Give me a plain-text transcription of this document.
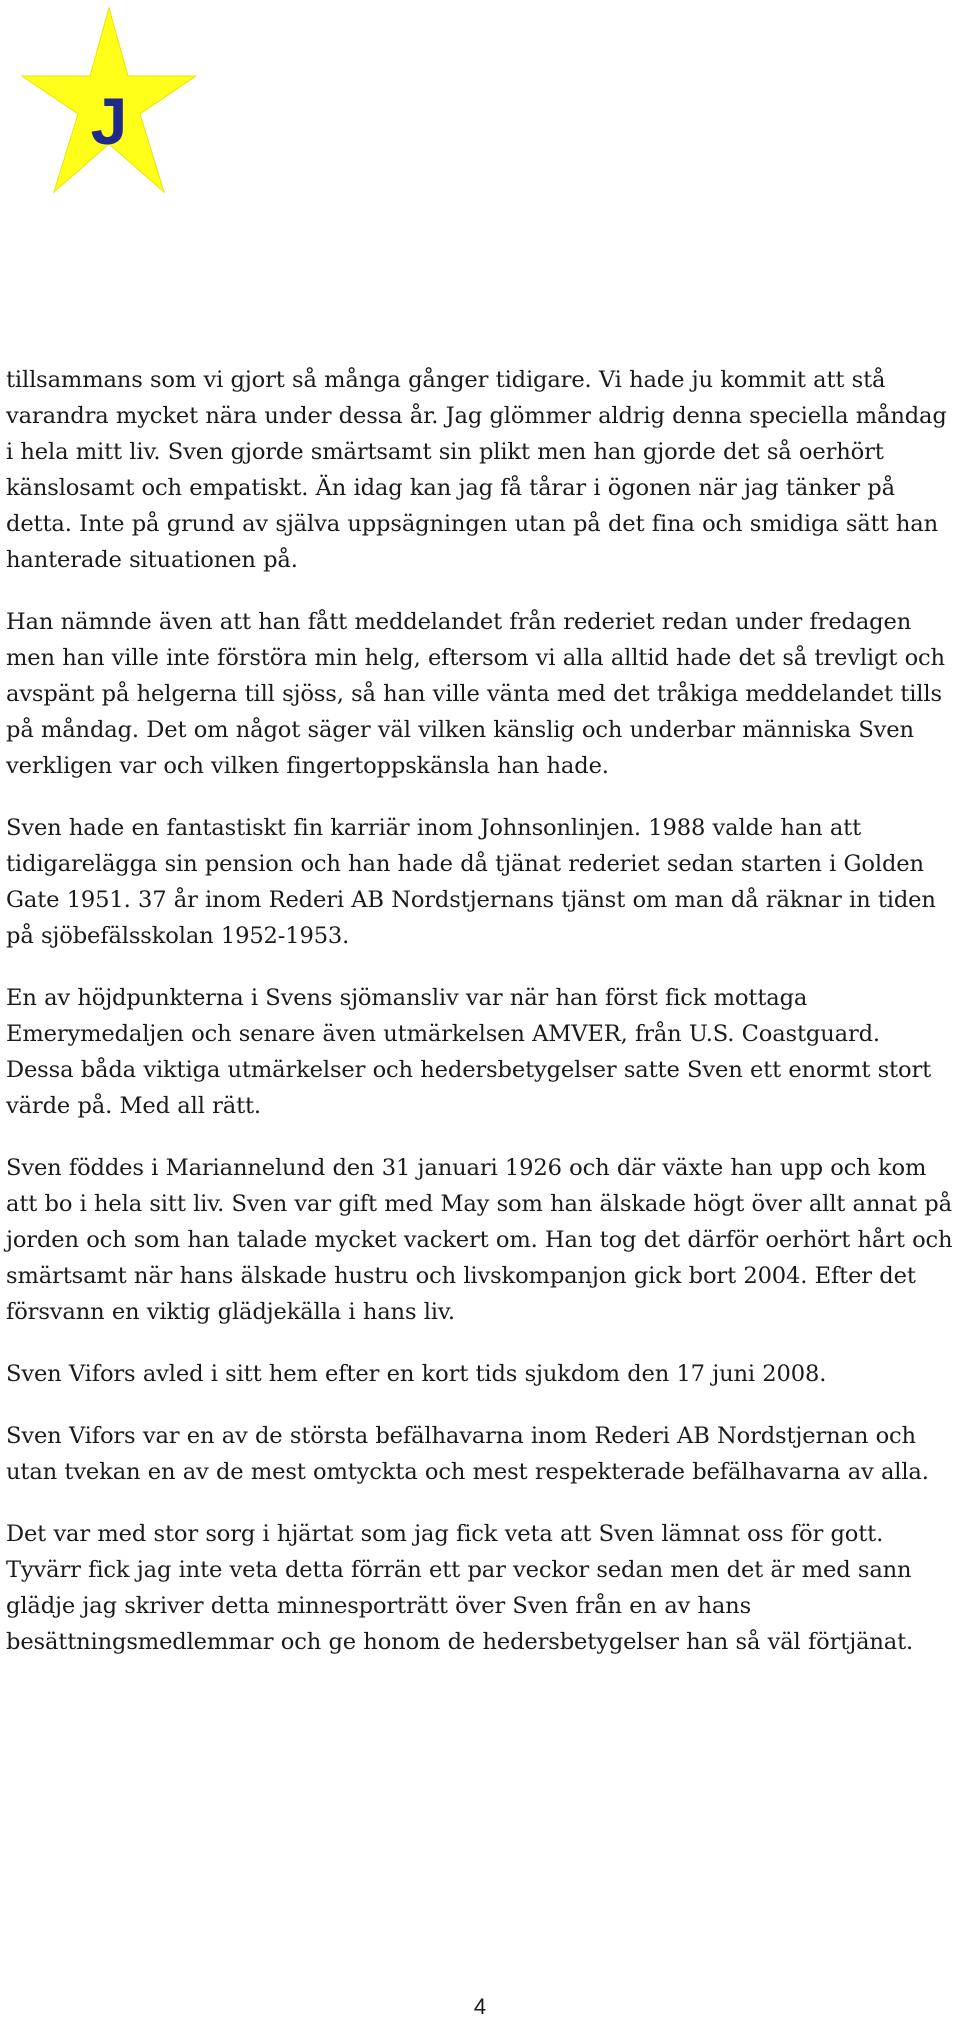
J

tillsammans som vi gjort så många gånger tidigare. Vi hade ju kommit att stå varandra mycket nära under dessa år. Jag glömmer aldrig denna speciella måndag i hela mitt liv. Sven gjorde smärtsamt sin plikt men han gjorde det så oerhört känslosamt och empatiskt. Än idag kan jag få tårar i ögonen när jag tänker på detta. Inte på grund av själva uppsägningen utan på det fina och smidiga sätt han hanterade situationen på.

Han nämnde även att han fått meddelandet från rederiet redan under fredagen men han ville inte förstöra min helg, eftersom vi alla alltid hade det så trevligt och avspänt på helgerna till sjöss, så han ville vänta med det tråkiga meddelandet tills på måndag. Det om något säger väl vilken känslig och underbar människa Sven verkligen var och vilken fingertoppskänsla han hade.

Sven hade en fantastiskt fin karriär inom Johnsonlinjen. 1988 valde han att tidigarelägga sin pension och han hade då tjänat rederiet sedan starten i Golden Gate 1951. 37 år inom Rederi AB Nordstjernans tjänst om man då räknar in tiden på sjöbefälsskolan 1952-1953.

En av höjdpunkterna i Svens sjömansliv var när han först fick mottaga Emerymedaljen och senare även utmärkelsen AMVER, från U.S. Coastguard. Dessa båda viktiga utmärkelser och hedersbetygelser satte Sven ett enormt stort värde på. Med all rätt.

Sven föddes i Mariannelund den 31 januari 1926 och där växte han upp och kom att bo i hela sitt liv. Sven var gift med May som han älskade högt över allt annat på jorden och som han talade mycket vackert om. Han tog det därför oerhört hårt och smärtsamt när hans älskade hustru och livskompanjon gick bort 2004. Efter det försvann en viktig glädjekälla i hans liv.

Sven Vifors avled i sitt hem efter en kort tids sjukdom den 17 juni 2008.

Sven Vifors var en av de största befälhavarna inom Rederi AB Nordstjernan och utan tvekan en av de mest omtyckta och mest respekterade befälhavarna av alla.

Det var med stor sorg i hjärtat som jag fick veta att Sven lämnat oss för gott. Tyvärr fick jag inte veta detta förrän ett par veckor sedan men det är med sann glädje jag skriver detta minnesporträtt över Sven från en av hans besättningsmedlemmar och ge honom de hedersbetygelser han så väl förtjänat.

4
